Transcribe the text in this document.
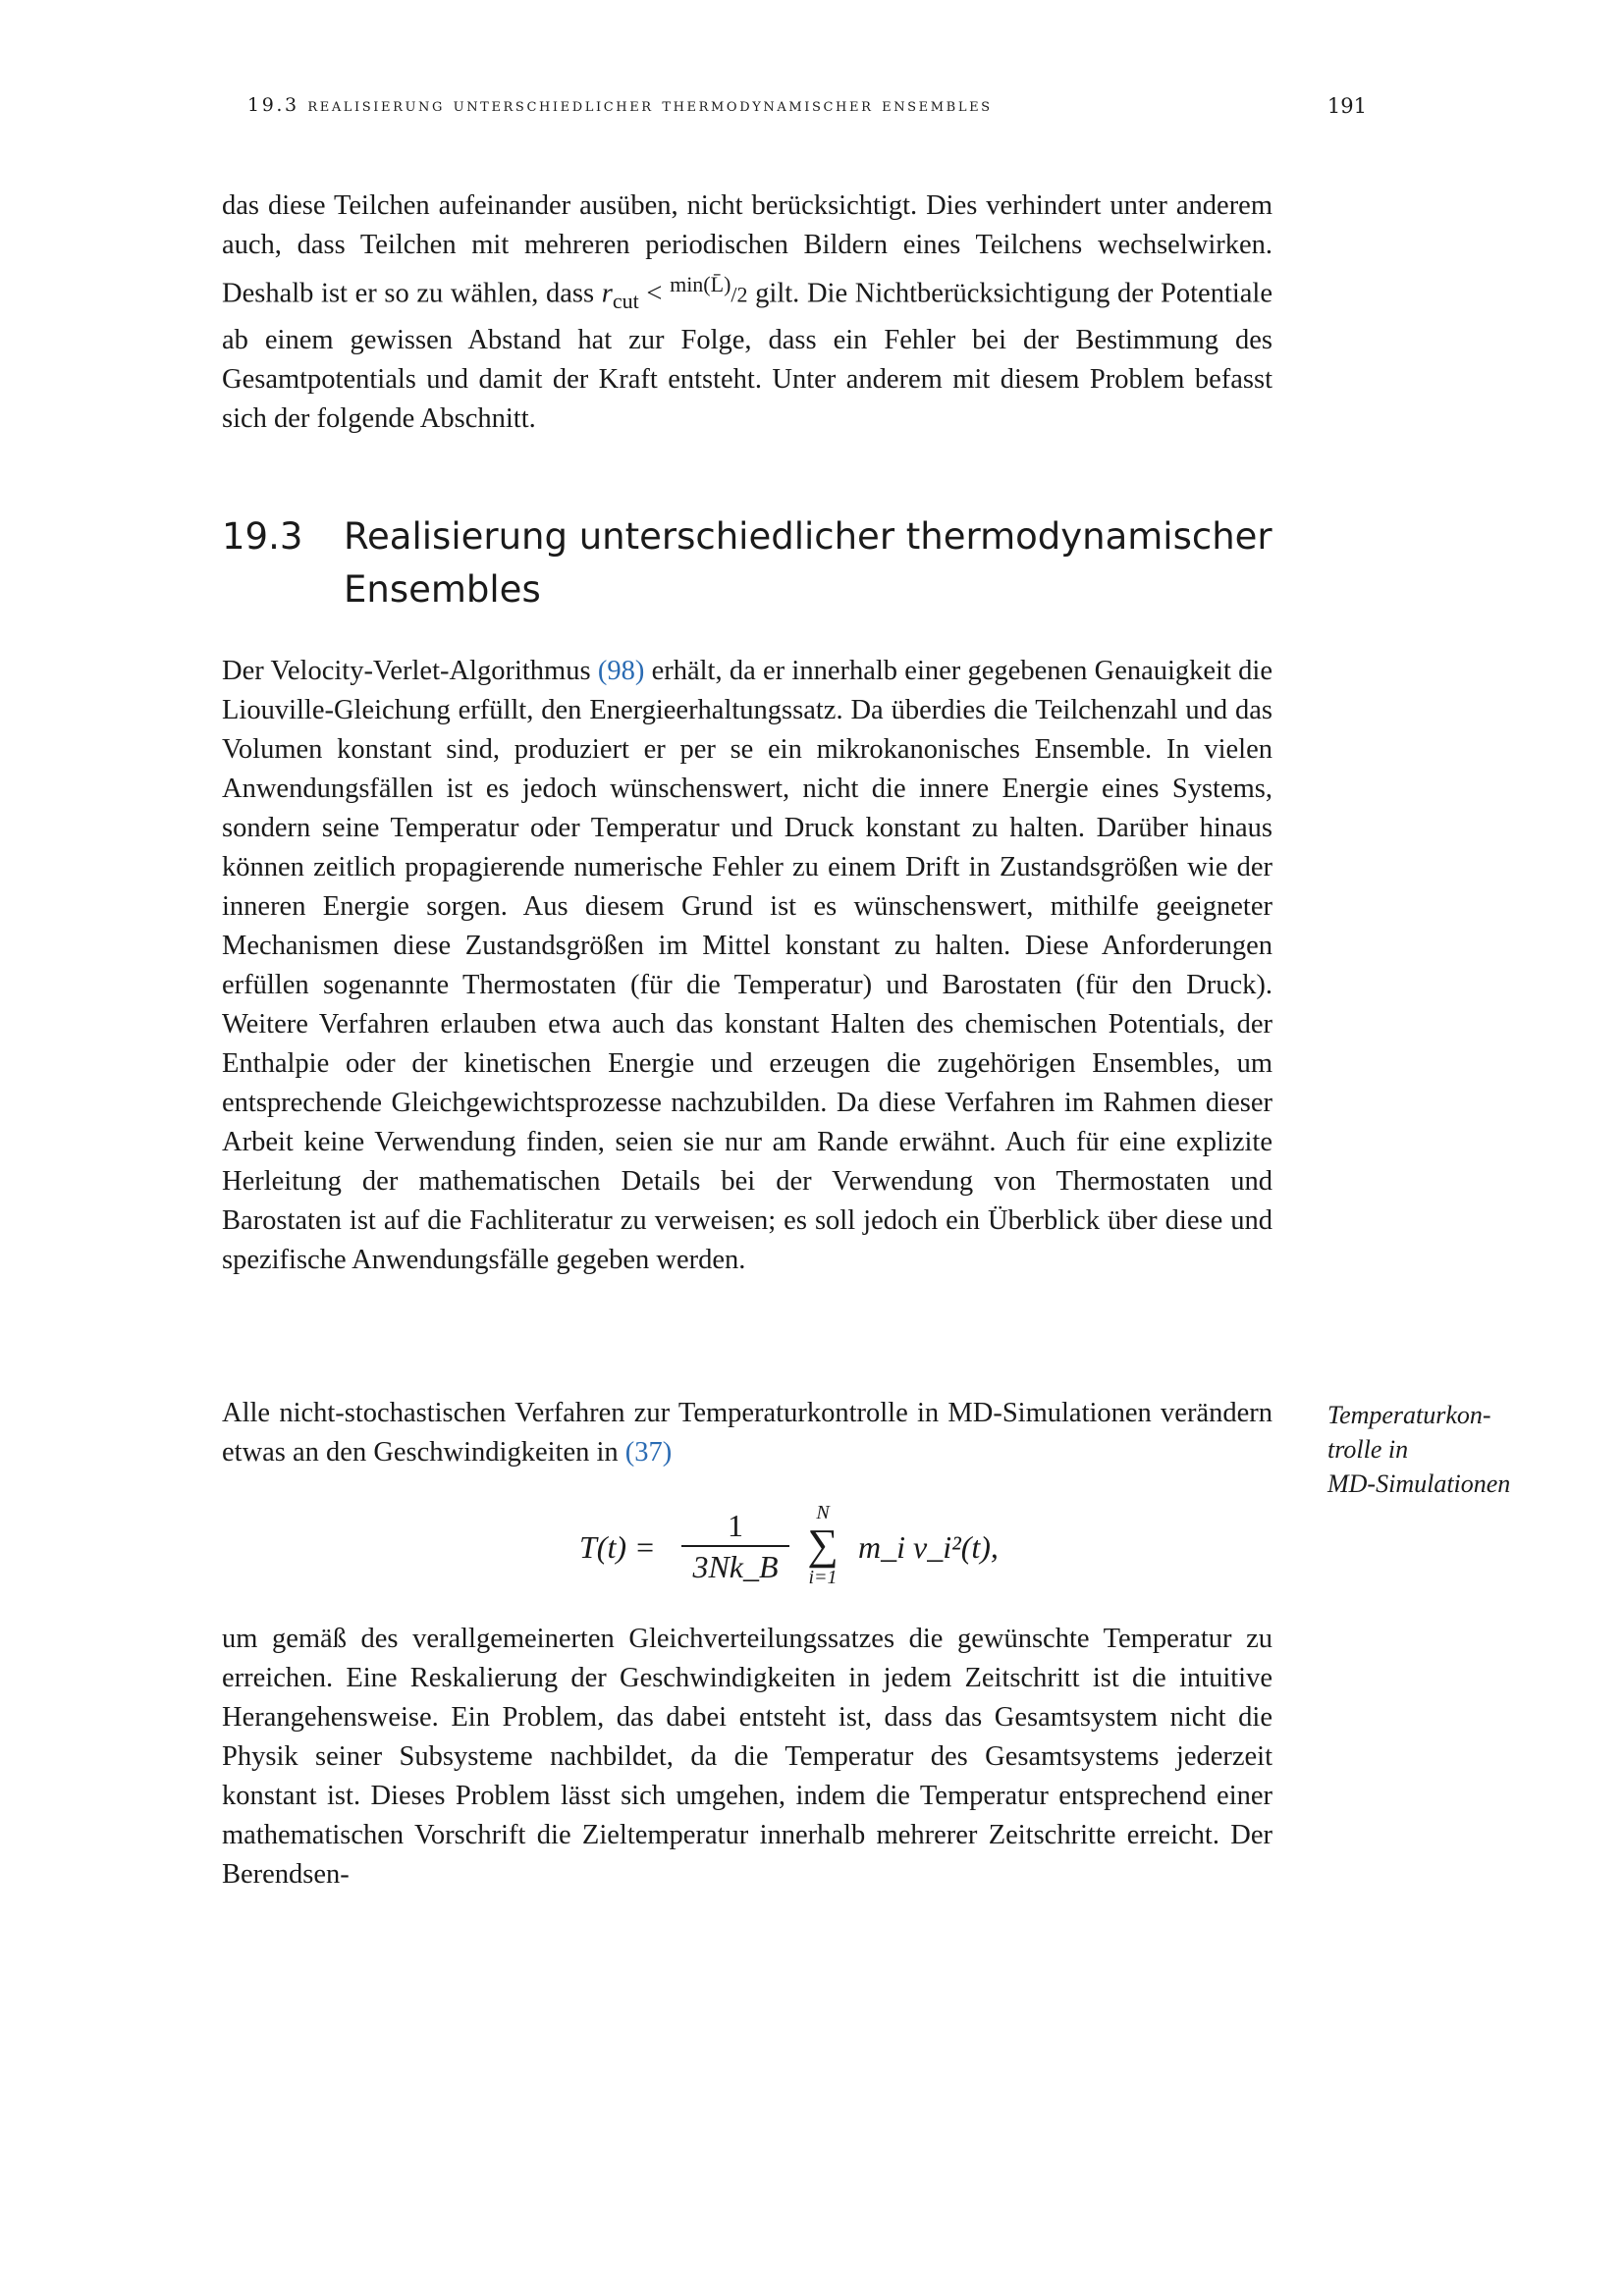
19.3 realisierung unterschiedlicher thermodynamischer ensembles	191

das diese Teilchen aufeinander ausüben, nicht berücksichtigt. Dies verhindert unter anderem auch, dass Teilchen mit mehreren periodischen Bildern eines Teilchens wechselwirken. Deshalb ist er so zu wählen, dass $r_{cut} < ^{min(L̄)}/2$ gilt. Die Nichtberücksichtigung der Potentiale ab einem gewissen Abstand hat zur Folge, dass ein Fehler bei der Bestimmung des Gesamtpotentials und damit der Kraft entsteht. Unter anderem mit diesem Problem befasst sich der folgende Abschnitt.

19.3 Realisierung unterschiedlicher thermodynamischer Ensembles

Der Velocity-Verlet-Algorithmus (98) erhält, da er innerhalb einer gegebenen Genauigkeit die Liouville-Gleichung erfüllt, den Energieerhaltungssatz. Da überdies die Teilchenzahl und das Volumen konstant sind, produziert er per se ein mikrokanonisches Ensemble. In vielen Anwendungsfällen ist es jedoch wünschenswert, nicht die innere Energie eines Systems, sondern seine Temperatur oder Temperatur und Druck konstant zu halten. Darüber hinaus können zeitlich propagierende numerische Fehler zu einem Drift in Zustandsgrößen wie der inneren Energie sorgen. Aus diesem Grund ist es wünschenswert, mithilfe geeigneter Mechanismen diese Zustandsgrößen im Mittel konstant zu halten. Diese Anforderungen erfüllen sogenannte Thermostaten (für die Temperatur) und Barostaten (für den Druck). Weitere Verfahren erlauben etwa auch das konstant Halten des chemischen Potentials, der Enthalpie oder der kinetischen Energie und erzeugen die zugehörigen Ensembles, um entsprechende Gleichgewichtsprozesse nachzubilden. Da diese Verfahren im Rahmen dieser Arbeit keine Verwendung finden, seien sie nur am Rande erwähnt. Auch für eine explizite Herleitung der mathematischen Details bei der Verwendung von Thermostaten und Barostaten ist auf die Fachliteratur zu verweisen; es soll jedoch ein Überblick über diese und spezifische Anwendungsfälle gegeben werden.

Alle nicht-stochastischen Verfahren zur Temperaturkontrolle in MD-Simulationen verändern etwas an den Geschwindigkeiten in (37)

Temperaturkon-
trolle in
MD-Simulationen
T(t) =
1
3Nk_B
N
∑
i=1
m_i v_i²(t),

um gemäß des verallgemeinerten Gleichverteilungssatzes die gewünschte Temperatur zu erreichen. Eine Reskalierung der Geschwindigkeiten in jedem Zeitschritt ist die intuitive Herangehensweise. Ein Problem, das dabei entsteht ist, dass das Gesamtsystem nicht die Physik seiner Subsysteme nachbildet, da die Temperatur des Gesamtsystems jederzeit konstant ist. Dieses Problem lässt sich umgehen, indem die Temperatur entsprechend einer mathematischen Vorschrift die Zieltemperatur innerhalb mehrerer Zeitschritte erreicht. Der Berendsen-
